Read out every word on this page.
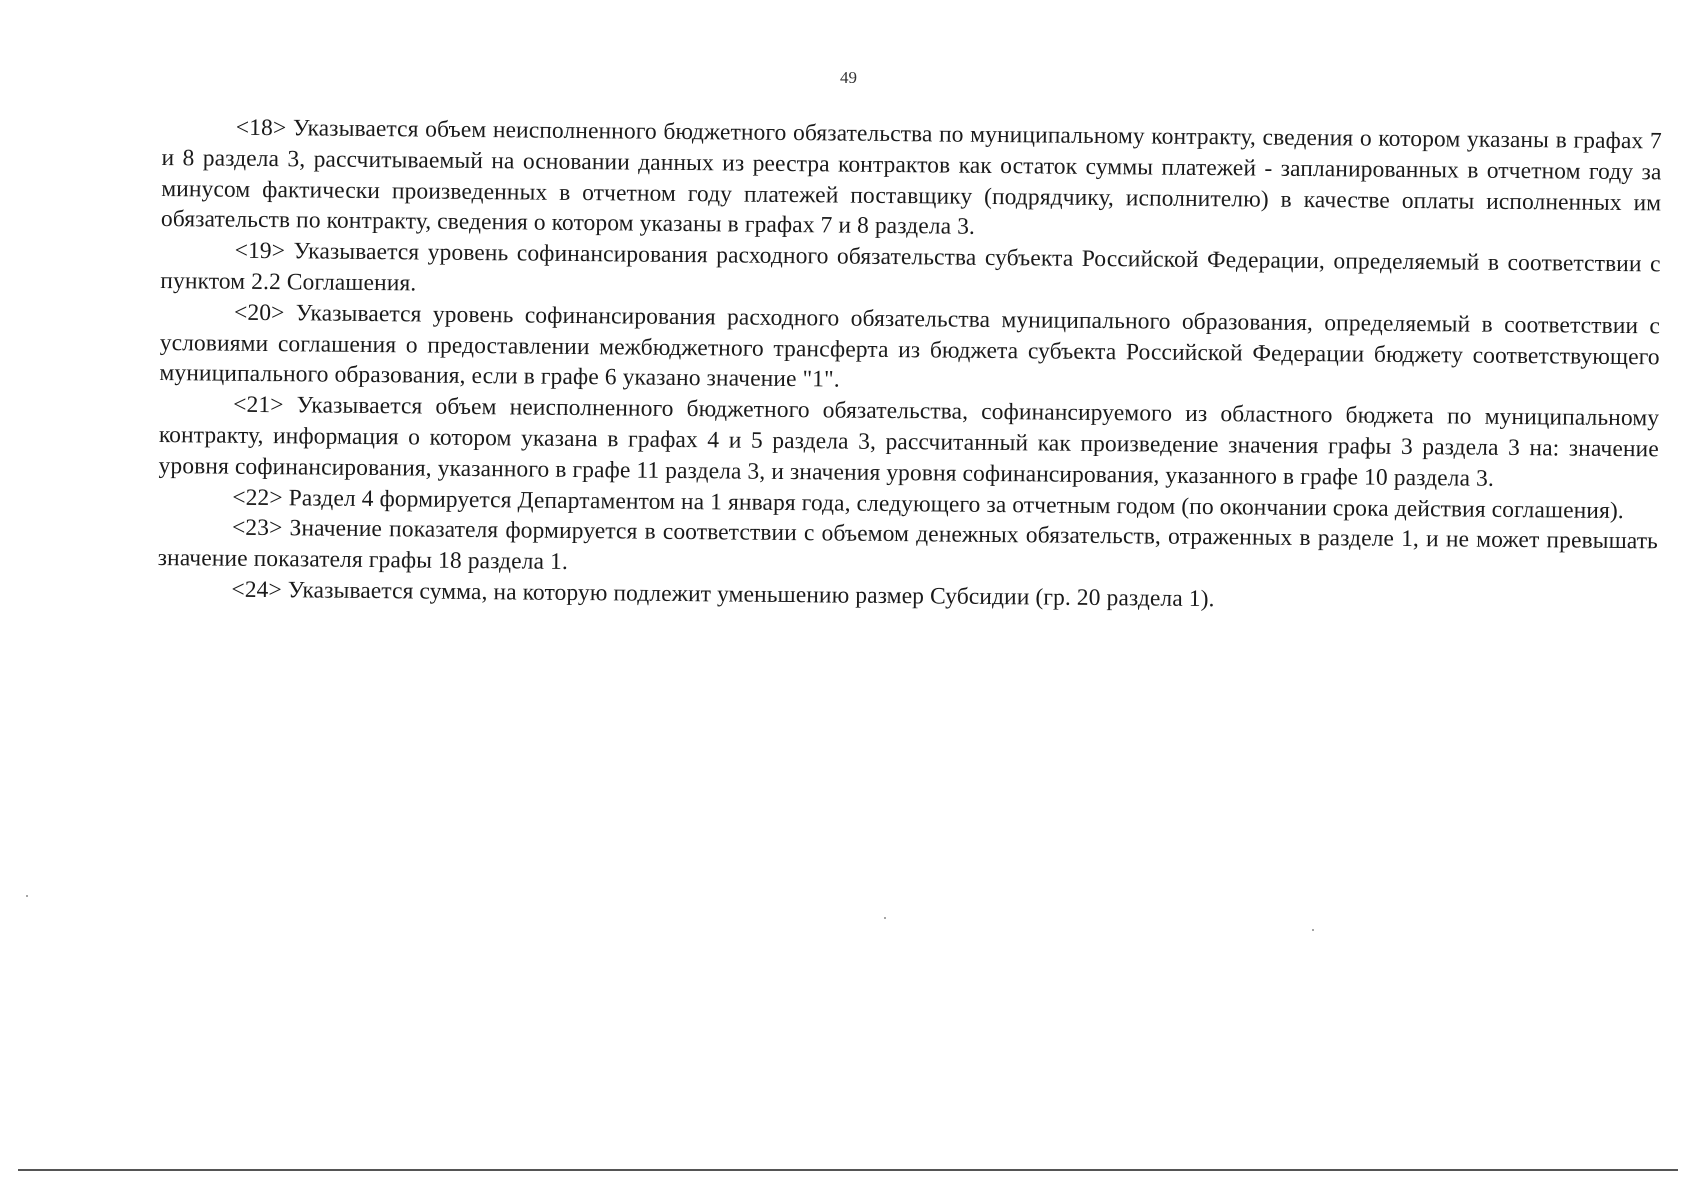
49

<18> Указывается объем неисполненного бюджетного обязательства по муниципальному контракту, сведения о котором указаны в графах 7 и 8 раздела 3, рассчитываемый на основании данных из реестра контрактов как остаток суммы платежей - запланированных в отчетном году за минусом фактически произведенных в отчетном году платежей поставщику (подрядчику, исполнителю) в качестве оплаты исполненных им обязательств по контракту, сведения о котором указаны в графах 7 и 8 раздела 3.

<19> Указывается уровень софинансирования расходного обязательства субъекта Российской Федерации, определяемый в соответствии с пунктом 2.2 Соглашения.

<20> Указывается уровень софинансирования расходного обязательства муниципального образования, определяемый в соответствии с условиями соглашения о предоставлении межбюджетного трансферта из бюджета субъекта Российской Федерации бюджету соответствующего муниципального образования, если в графе 6 указано значение "1".

<21> Указывается объем неисполненного бюджетного обязательства, софинансируемого из областного бюджета по муниципальному контракту, информация о котором указана в графах 4 и 5 раздела 3, рассчитанный как произведение значения графы 3 раздела 3 на: значение уровня софинансирования, указанного в графе 11 раздела 3, и значения уровня софинансирования, указанного в графе 10 раздела 3.

<22> Раздел 4 формируется Департаментом на 1 января года, следующего за отчетным годом (по окончании срока действия соглашения).

<23> Значение показателя формируется в соответствии с объемом денежных обязательств, отраженных в разделе 1, и не может превышать значение показателя графы 18 раздела 1.

<24> Указывается сумма, на которую подлежит уменьшению размер Субсидии (гр. 20 раздела 1).
